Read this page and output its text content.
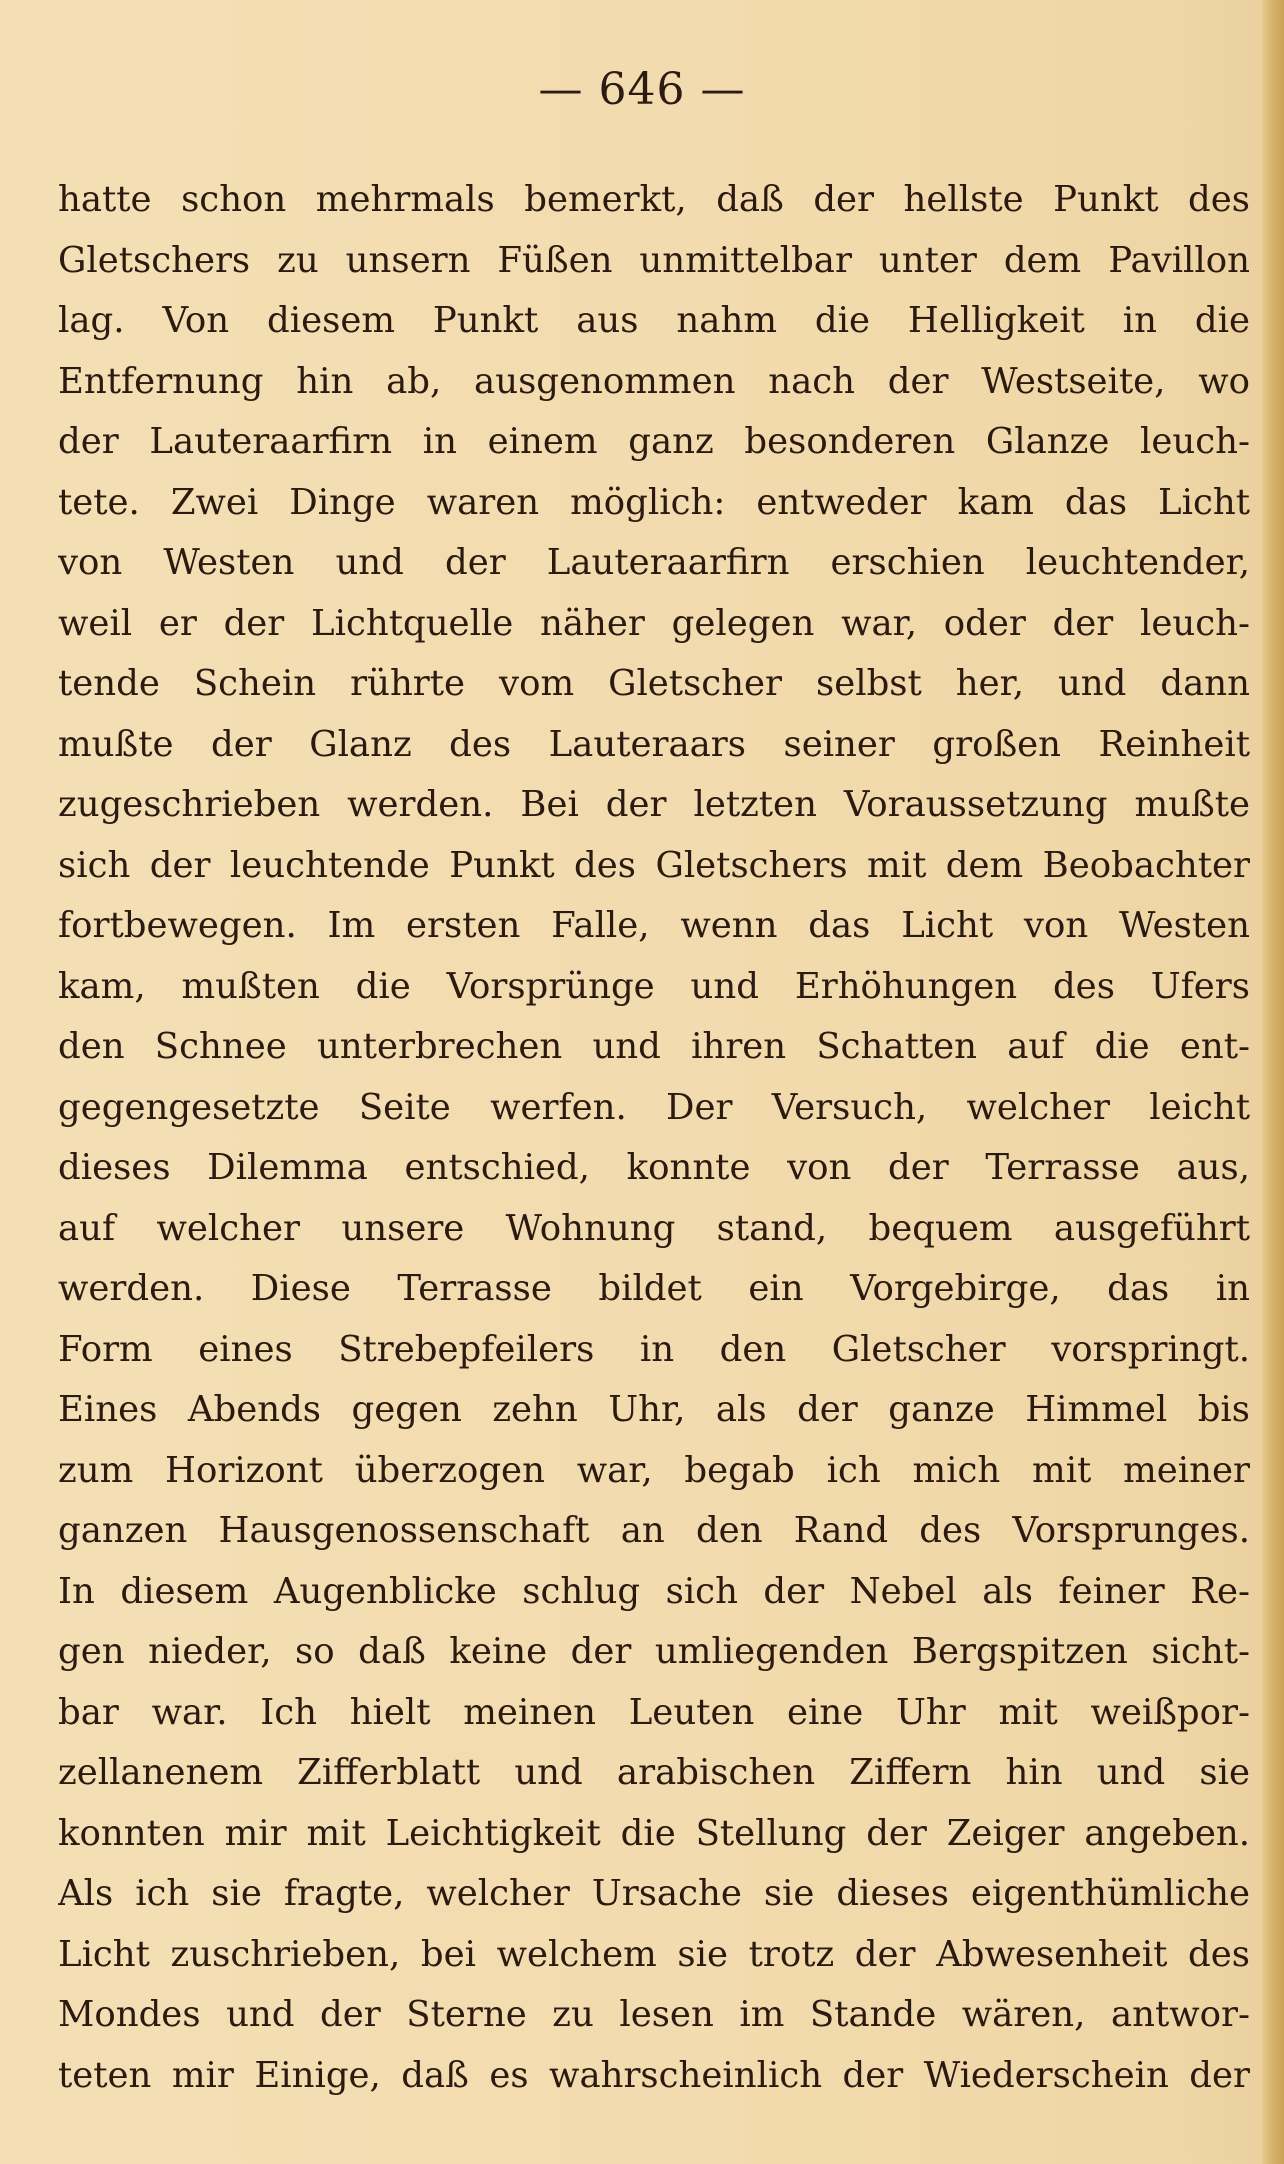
— 646 —
hatte schon mehrmals bemerkt, daß der hellste Punkt des
Gletschers zu unsern Füßen unmittelbar unter dem Pavillon
lag. Von diesem Punkt aus nahm die Helligkeit in die
Entfernung hin ab, ausgenommen nach der Westseite, wo
der Lauteraarfirn in einem ganz besonderen Glanze leuch-
tete. Zwei Dinge waren möglich: entweder kam das Licht
von Westen und der Lauteraarfirn erschien leuchtender,
weil er der Lichtquelle näher gelegen war, oder der leuch-
tende Schein rührte vom Gletscher selbst her, und dann
mußte der Glanz des Lauteraars seiner großen Reinheit
zugeschrieben werden. Bei der letzten Voraussetzung mußte
sich der leuchtende Punkt des Gletschers mit dem Beobachter
fortbewegen. Im ersten Falle, wenn das Licht von Westen
kam, mußten die Vorsprünge und Erhöhungen des Ufers
den Schnee unterbrechen und ihren Schatten auf die ent-
gegengesetzte Seite werfen. Der Versuch, welcher leicht
dieses Dilemma entschied, konnte von der Terrasse aus,
auf welcher unsere Wohnung stand, bequem ausgeführt
werden. Diese Terrasse bildet ein Vorgebirge, das in
Form eines Strebepfeilers in den Gletscher vorspringt.
Eines Abends gegen zehn Uhr, als der ganze Himmel bis
zum Horizont überzogen war, begab ich mich mit meiner
ganzen Hausgenossenschaft an den Rand des Vorsprunges.
In diesem Augenblicke schlug sich der Nebel als feiner Re-
gen nieder, so daß keine der umliegenden Bergspitzen sicht-
bar war. Ich hielt meinen Leuten eine Uhr mit weißpor-
zellanenem Zifferblatt und arabischen Ziffern hin und sie
konnten mir mit Leichtigkeit die Stellung der Zeiger angeben.
Als ich sie fragte, welcher Ursache sie dieses eigenthümliche
Licht zuschrieben, bei welchem sie trotz der Abwesenheit des
Mondes und der Sterne zu lesen im Stande wären, antwor-
teten mir Einige, daß es wahrscheinlich der Wiederschein der
